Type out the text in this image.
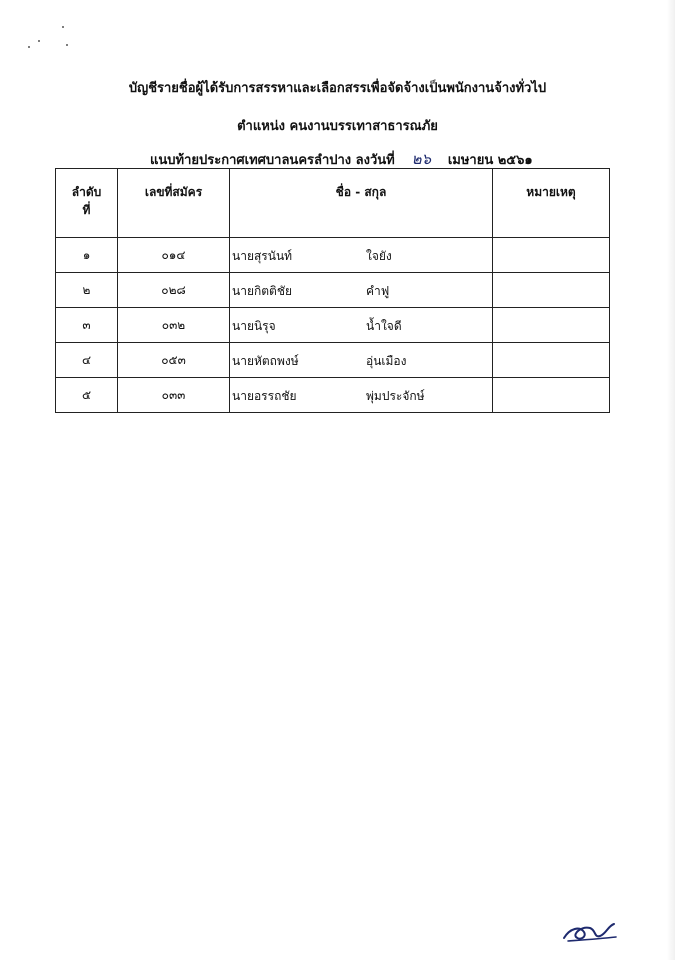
บัญชีรายชื่อผู้ได้รับการสรรหาและเลือกสรรเพื่อจัดจ้างเป็นพนักงานจ้างทั่วไป
ตำแหน่ง คนงานบรรเทาสาธารณภัย
แนบท้ายประกาศเทศบาลนครลำปาง ลงวันที่ ๒๖ เมษายน ๒๕๖๑
ลำดับ
ที่	เลขที่สมัคร	ชื่อ - สกุล	หมายเหตุ

๑	๐๑๔	นายสุรนันท์ ใจยัง	

๒	๐๒๘	นายกิตติชัย คำฟู	

๓	๐๓๒	นายนิรุจ น้ำใจดี	

๔	๐๕๓	นายหัตถพงษ์ อุ่นเมือง	

๕	๐๓๓	นายอรรถชัย พุ่มประจักษ์	
